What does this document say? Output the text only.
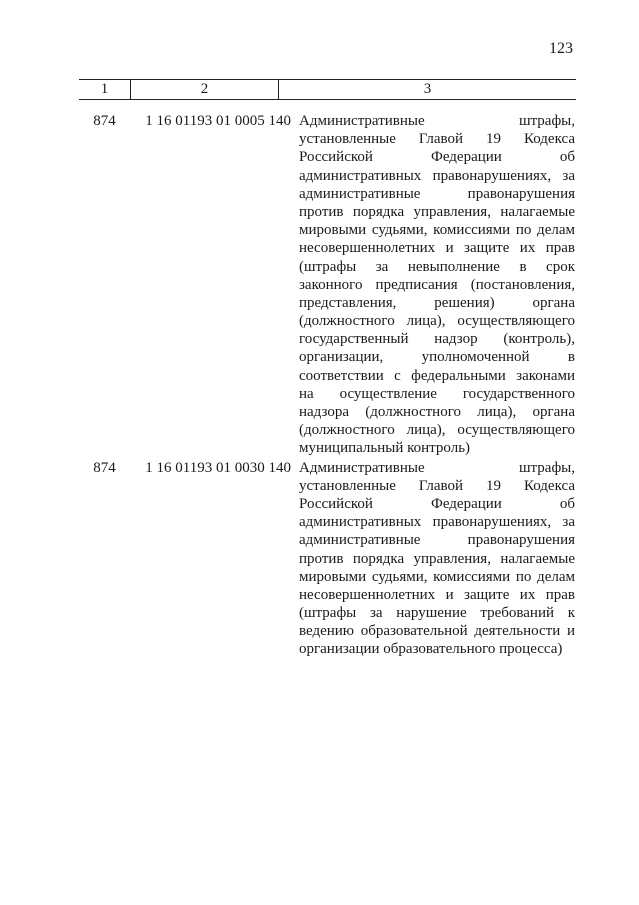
123
1	2	3
874	1 16 01193 01 0005 140 Административные штрафы,
установленные Главой 19 Кодекса
Российской Федерации об
административных правонарушениях, за
административные правонарушения
против порядка управления, налагаемые
мировыми судьями, комиссиями по делам
несовершеннолетних и защите их прав
(штрафы за невыполнение в срок
законного предписания (постановления,
представления, решения) органа
(должностного лица), осуществляющего
государственный надзор (контроль),
организации, уполномоченной в
соответствии с федеральными законами
на осуществление государственного
надзора (должностного лица), органа
(должностного лица), осуществляющего
муниципальный контроль)
874	1 16 01193 01 0030 140 Административные штрафы,
установленные Главой 19 Кодекса
Российской Федерации об
административных правонарушениях, за
административные правонарушения
против порядка управления, налагаемые
мировыми судьями, комиссиями по делам
несовершеннолетних и защите их прав
(штрафы за нарушение требований к
ведению образовательной деятельности и
организации образовательного процесса)
